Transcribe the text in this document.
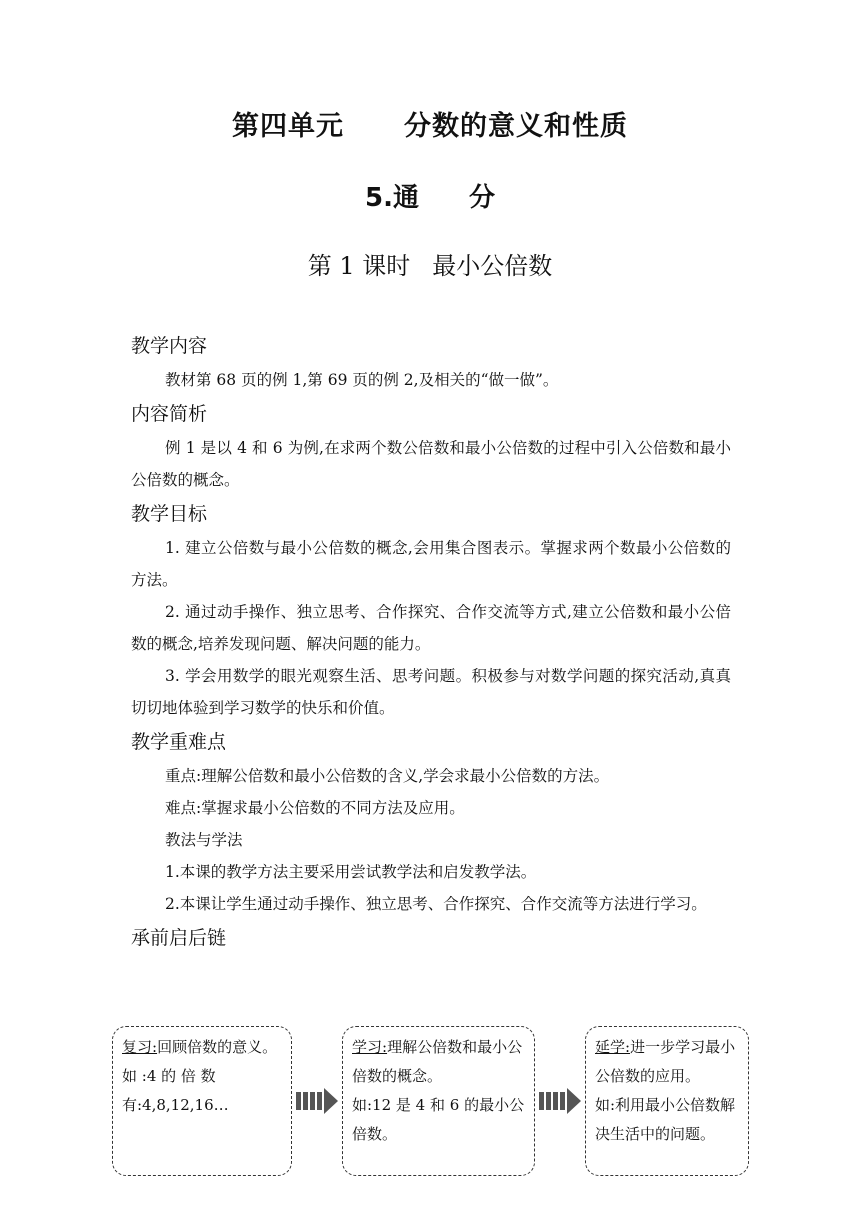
第四单元 分数的意义和性质
5.通 分
第 1 课时 最小公倍数

教学内容

教材第 68 页的例 1,第 69 页的例 2,及相关的“做一做”。

内容简析

例 1 是以 4 和 6 为例,在求两个数公倍数和最小公倍数的过程中引入公倍数和最小公倍数的概念。

教学目标

1. 建立公倍数与最小公倍数的概念,会用集合图表示。掌握求两个数最小公倍数的方法。

2. 通过动手操作、独立思考、合作探究、合作交流等方式,建立公倍数和最小公倍数的概念,培养发现问题、解决问题的能力。

3. 学会用数学的眼光观察生活、思考问题。积极参与对数学问题的探究活动,真真切切地体验到学习数学的快乐和价值。

教学重难点

重点:理解公倍数和最小公倍数的含义,学会求最小公倍数的方法。

难点:掌握求最小公倍数的不同方法及应用。

教法与学法

1.本课的教学方法主要采用尝试教学法和启发教学法。

2.本课让学生通过动手操作、独立思考、合作探究、合作交流等方法进行学习。

承前启后链

复习:回顾倍数的意义。
如 :4 的 倍 数有:4,8,12,16…
学习:理解公倍数和最小公倍数的概念。
如:12 是 4 和 6 的最小公倍数。
延学:进一步学习最小公倍数的应用。
如:利用最小公倍数解决生活中的问题。
